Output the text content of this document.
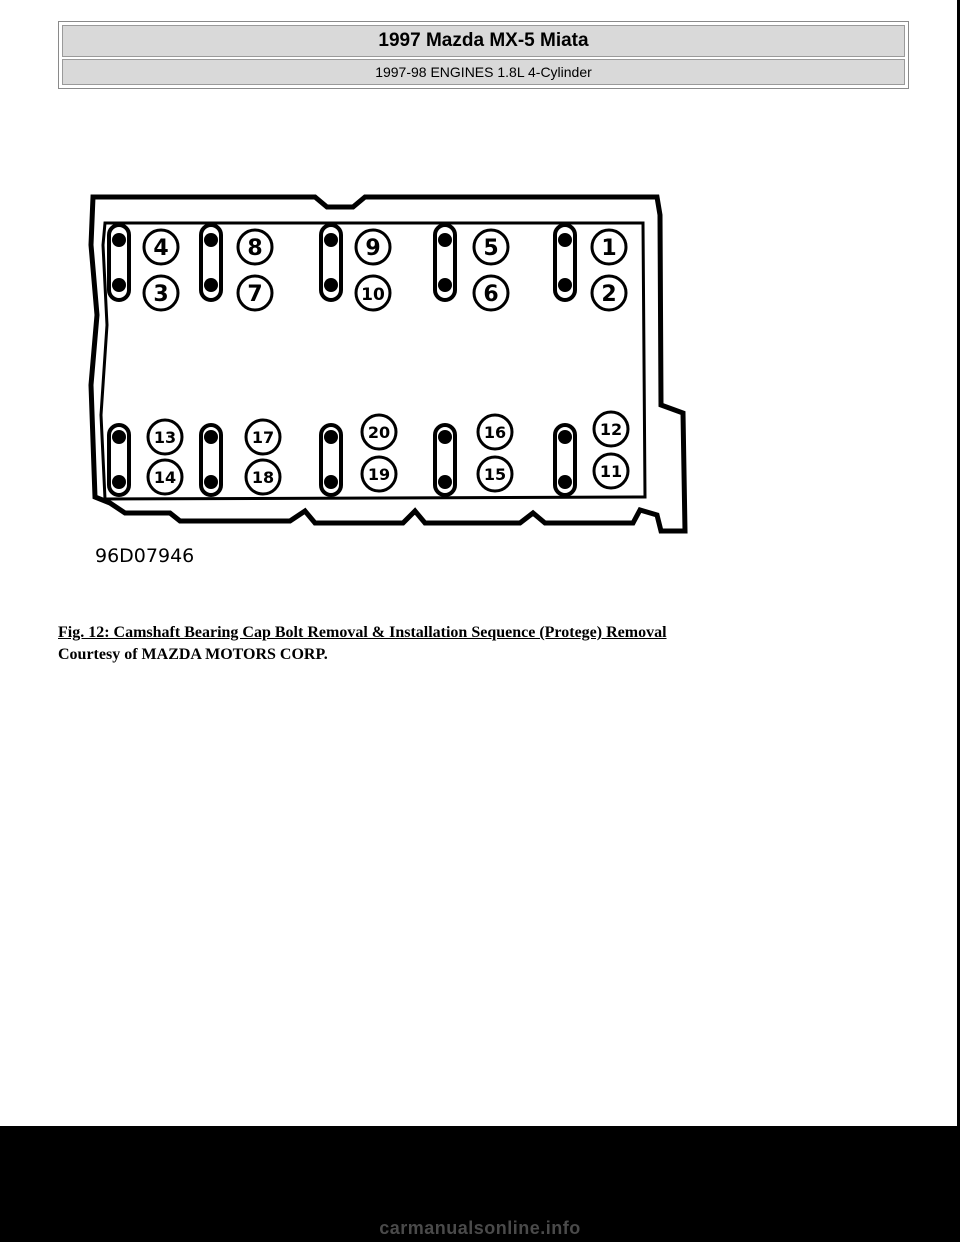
1997 Mazda MX-5 Miata
1997-98 ENGINES 1.8L 4-Cylinder
4
3
8
7
9
10
5
6
1
2
13
14
17
18
20
19
16
15
12
11
96D07946
Fig. 12: Camshaft Bearing Cap Bolt Removal & Installation Sequence (Protege) Removal
Courtesy of MAZDA MOTORS CORP.
carmanualsonline.info
